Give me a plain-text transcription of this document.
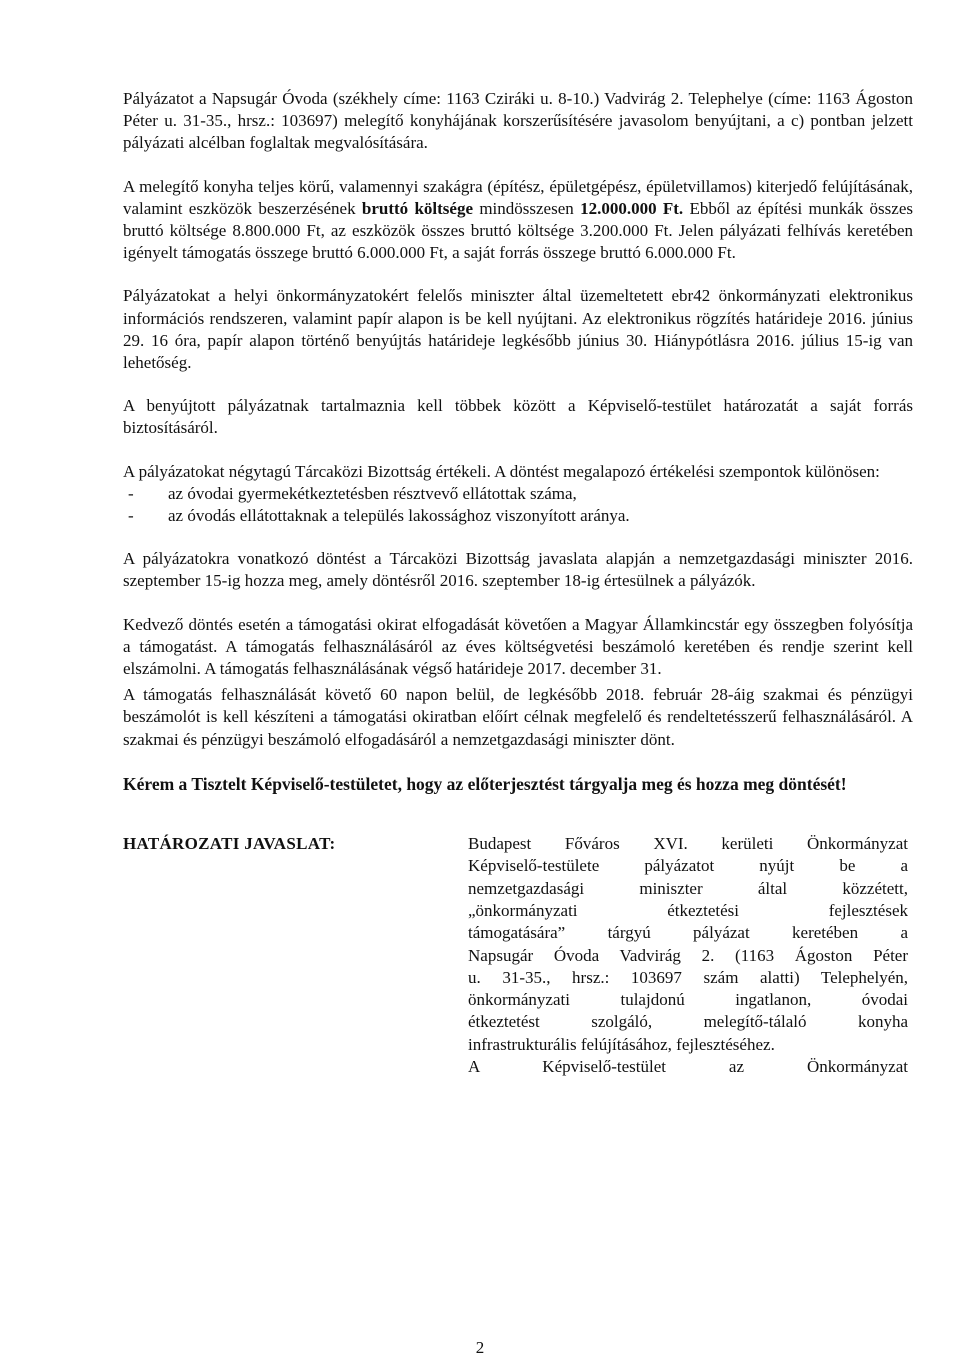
Pályázatot a Napsugár Óvoda (székhely címe: 1163 Cziráki u. 8-10.) Vadvirág 2. Telephelye (címe: 1163 Ágoston Péter u. 31-35., hrsz.: 103697) melegítő konyhájának korszerűsítésére javasolom benyújtani, a c) pontban jelzett pályázati alcélban foglaltak megvalósítására.

A melegítő konyha teljes körű, valamennyi szakágra (építész, épületgépész, épületvillamos) kiterjedő felújításának, valamint eszközök beszerzésének bruttó költsége mindösszesen 12.000.000 Ft. Ebből az építési munkák összes bruttó költsége 8.800.000 Ft, az eszközök összes bruttó költsége 3.200.000 Ft. Jelen pályázati felhívás keretében igényelt támogatás összege bruttó 6.000.000 Ft, a saját forrás összege bruttó 6.000.000 Ft.

Pályázatokat a helyi önkormányzatokért felelős miniszter által üzemeltetett ebr42 önkormányzati elektronikus információs rendszeren, valamint papír alapon is be kell nyújtani. Az elektronikus rögzítés határideje 2016. június 29. 16 óra, papír alapon történő benyújtás határideje legkésőbb június 30. Hiánypótlásra 2016. július 15-ig van lehetőség.

A benyújtott pályázatnak tartalmaznia kell többek között a Képviselő-testület határozatát a saját forrás biztosításáról.

A pályázatokat négytagú Tárcaközi Bizottság értékeli. A döntést megalapozó értékelési szempontok különösen:

-	az óvodai gyermekétkeztetésben résztvevő ellátottak száma,
-	az óvodás ellátottaknak a település lakossághoz viszonyított aránya.

A pályázatokra vonatkozó döntést a Tárcaközi Bizottság javaslata alapján a nemzetgazdasági miniszter 2016. szeptember 15-ig hozza meg, amely döntésről 2016. szeptember 18-ig értesülnek a pályázók.

Kedvező döntés esetén a támogatási okirat elfogadását követően a Magyar Államkincstár egy összegben folyósítja a támogatást. A támogatás felhasználásáról az éves költségvetési beszámoló keretében és rendje szerint kell elszámolni. A támogatás felhasználásának végső határideje 2017. december 31.

A támogatás felhasználását követő 60 napon belül, de legkésőbb 2018. február 28-áig szakmai és pénzügyi beszámolót is kell készíteni a támogatási okiratban előírt célnak megfelelő és rendeltetésszerű felhasználásáról. A szakmai és pénzügyi beszámoló elfogadásáról a nemzetgazdasági miniszter dönt.

Kérem a Tisztelt Képviselő-testületet, hogy az előterjesztést tárgyalja meg és hozza meg döntését!

HATÁROZATI JAVASLAT:	Budapest Főváros XVI. kerületi Önkormányzat
Képviselő-testülete pályázatot nyújt be a
nemzetgazdasági miniszter által közzétett,
„önkormányzati étkeztetési fejlesztések
támogatására” tárgyú pályázat keretében a
Napsugár Óvoda Vadvirág 2. (1163 Ágoston Péter
u. 31-35., hrsz.: 103697 szám alatti) Telephelyén,
önkormányzati tulajdonú ingatlanon, óvodai
étkeztetést szolgáló, melegítő-tálaló konyha
infrastrukturális felújításához, fejlesztéséhez.
A Képviselő-testület az Önkormányzat
2
